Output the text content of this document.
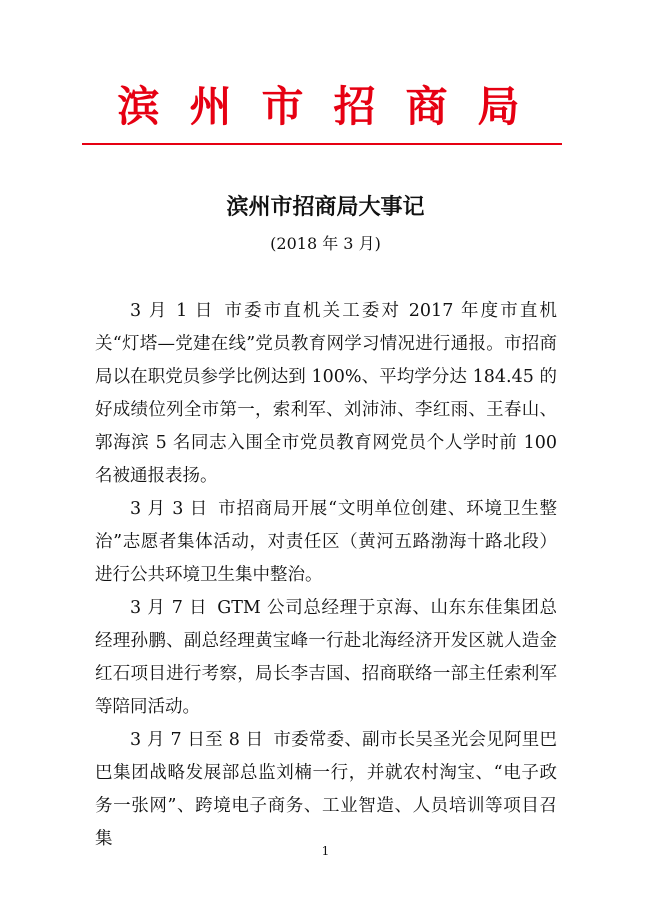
滨州市招商局
滨州市招商局大事记
(2018 年 3 月)

3 月 1 日 市委市直机关工委对 2017 年度市直机关“灯塔—党建在线”党员教育网学习情况进行通报。市招商局以在职党员参学比例达到 100%、平均学分达 184.45 的好成绩位列全市第一，索利军、刘沛沛、李红雨、王春山、郭海滨 5 名同志入围全市党员教育网党员个人学时前 100 名被通报表扬。

3 月 3 日 市招商局开展“文明单位创建、环境卫生整治”志愿者集体活动，对责任区（黄河五路渤海十路北段）进行公共环境卫生集中整治。

3 月 7 日 GTM 公司总经理于京海、山东东佳集团总经理孙鹏、副总经理黄宝峰一行赴北海经济开发区就人造金红石项目进行考察，局长李吉国、招商联络一部主任索利军等陪同活动。

3 月 7 日至 8 日 市委常委、副市长吴圣光会见阿里巴巴集团战略发展部总监刘楠一行，并就农村淘宝、“电子政务一张网”、跨境电子商务、工业智造、人员培训等项目召集

1
